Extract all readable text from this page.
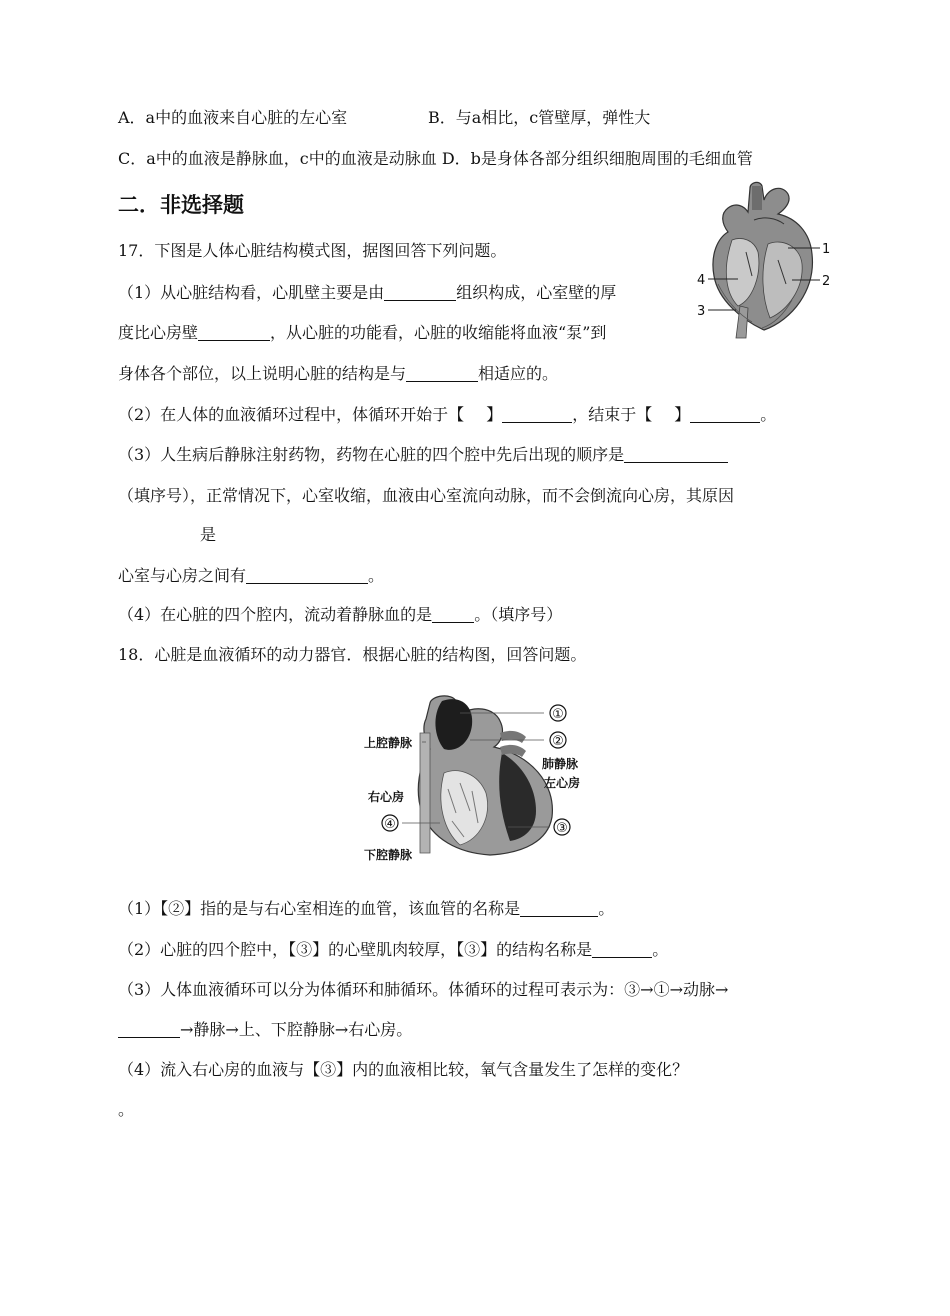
A．a中的血液来自心脏的左心室	B．与a相比，c管壁厚，弹性大
C．a中的血液是静脉血，c中的血液是动脉血 D．b是身体各部分组织细胞周围的毛细血管
二．非选择题
17．下图是人体心脏结构模式图，据图回答下列问题。
（1）从心脏结构看，心肌壁主要是由	组织构成，心室壁的厚
度比心房壁	，从心脏的功能看，心脏的收缩能将血液“泵”到
身体各个部位，以上说明心脏的结构是与	相适应的。
（2）在人体的血液循环过程中，体循环开始于【 】	，结束于【 】	。
（3）人生病后静脉注射药物，药物在心脏的四个腔中先后出现的顺序是
（填序号），正常情况下，心室收缩，血液由心室流向动脉，而不会倒流向心房，其原因
是
心室与心房之间有	。
（4）在心脏的四个腔内，流动着静脉血的是	。（填序号）
1
2
3
4
18．心脏是血液循环的动力器官．根据心脏的结构图，回答问题。
①
②
③
④
上腔静脉
肺静脉
左心房
右心房
下腔静脉
（1）【②】指的是与右心室相连的血管，该血管的名称是	。
（2）心脏的四个腔中，【③】的心壁肌肉较厚，【③】的结构名称是	。
（3）人体血液循环可以分为体循环和肺循环。体循环的过程可表示为：③→①→动脉→
→静脉→上、下腔静脉→右心房。
（4）流入右心房的血液与【③】内的血液相比较，氧气含量发生了怎样的变化？
。
